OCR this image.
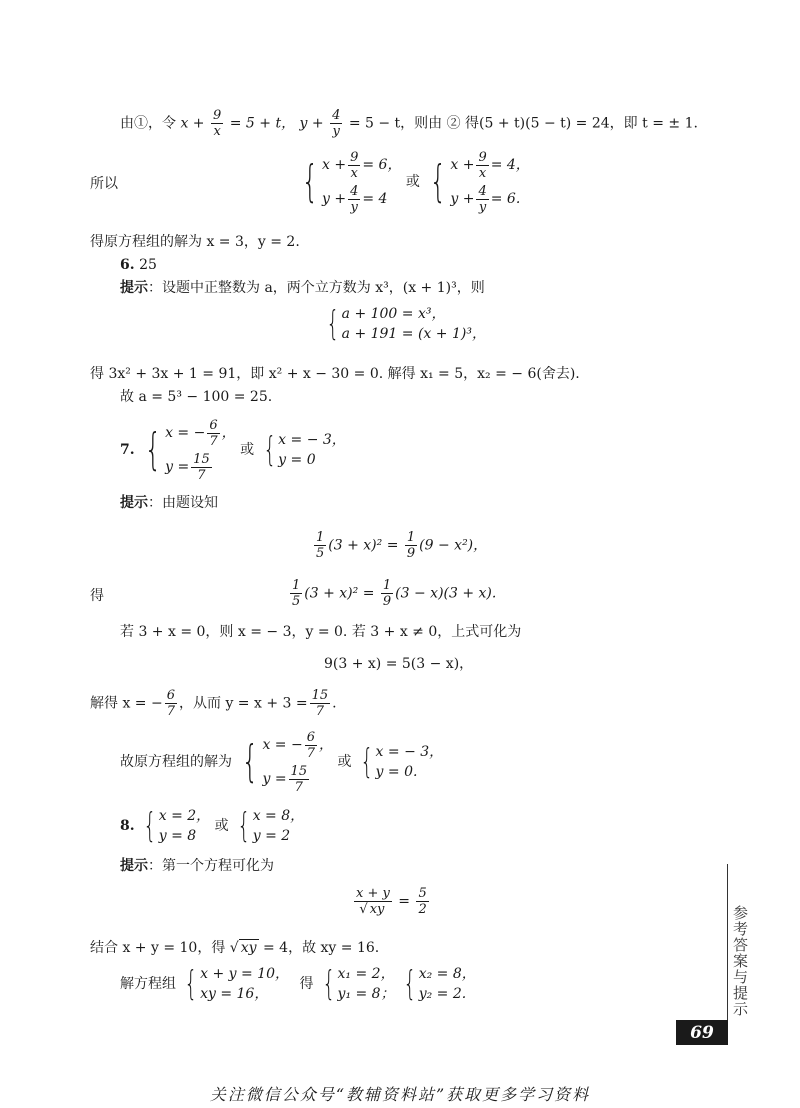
由①，令 $x + \frac{9}{x} = 5 + t$， $y + \frac{4}{y} = 5 - t$，则由 ② 得(5 + t)(5 − t) = 24，即 t = ± 1.
所以	{ $x + \frac{9}{x} = 6$，
$y + \frac{4}{y} = 4$
或 { $x + \frac{9}{x} = 4$，
$y + \frac{4}{y} = 6$.
得原方程组的解为 x = 3，y = 2.
6. 25
提示：设题中正整数为 a，两个立方数为 x³，(x + 1)³，则
{ a + 100 = x³，
a + 191 = (x + 1)³，
得 3x² + 3x + 1 = 91，即 x² + x − 30 = 0. 解得 x₁ = 5，x₂ = − 6(舍去).
故 a = 5³ − 100 = 25.
7. { x = − $\frac{6}{7}$ ，
$y = \frac{15}{7}$
或 { x = − 3，
y = 0
提示：由题设知
$\frac{1}{5} (3 + x)^2 = \frac{1}{9} (9 - x^2)$，
得	$\frac{1}{5} (3 + x)^2 = \frac{1}{9} (3 - x)(3 + x)$.
若 3 + x = 0，则 x = − 3，y = 0. 若 3 + x ≠ 0，上式可化为
9(3 + x) = 5(3 − x)，
解得 x = − $\frac{6}{7}$ ，从而 $y = x + 3 = \frac{15}{7}$ .
故原方程组的解为 { x = − $\frac{6}{7}$ ，
$y = \frac{15}{7}$
或 { x = − 3，
y = 0.
8. { x = 2，
y = 8
或 { x = 8，
y = 2
提示：第一个方程可化为
$\frac{x + y}{√ xy} = \frac{5}{2}$
结合 x + y = 10，得 √ xy = 4，故 xy = 16.
解方程组 { x + y = 10，
xy = 16，
得 { x₁ = 2，
y₁ = 8；
{ x₂ = 8，
y₂ = 2.	参考答案与提示
69
关注微信公众号“教辅资料站”获取更多学习资料
